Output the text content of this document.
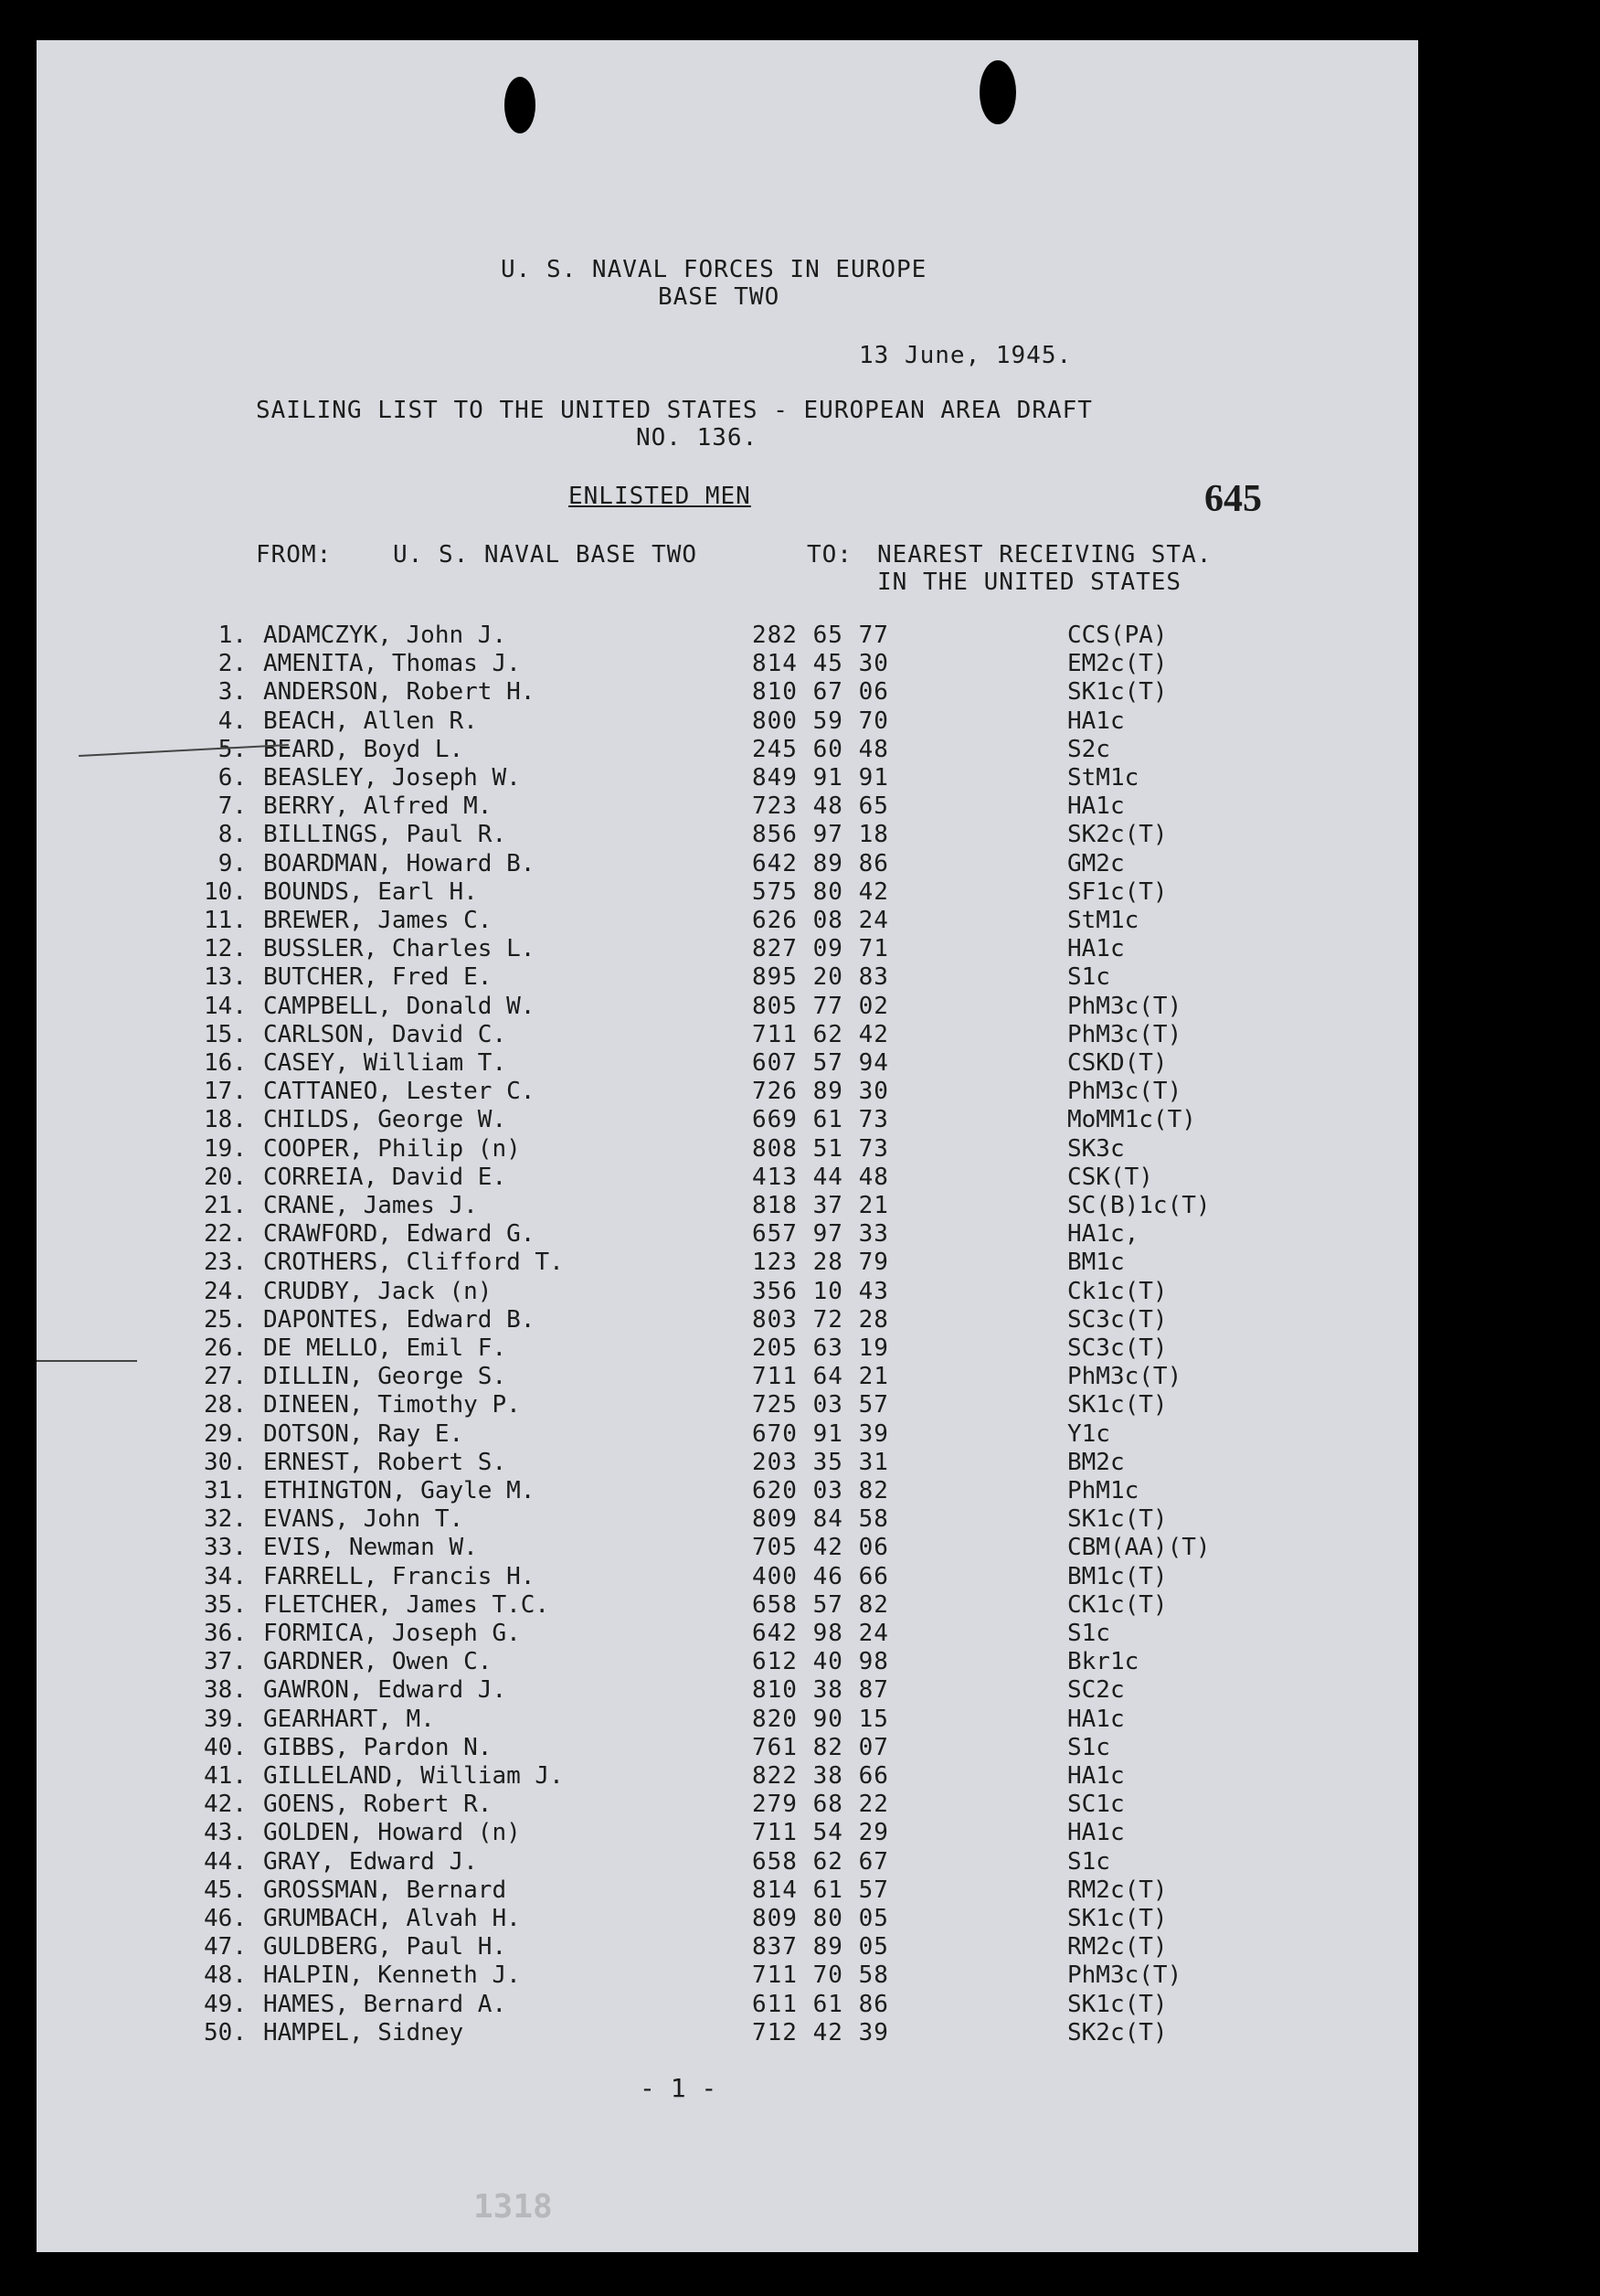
U. S. NAVAL FORCES IN EUROPE
BASE TWO
13 June, 1945.
SAILING LIST TO THE UNITED STATES - EUROPEAN AREA DRAFT
NO. 136.
ENLISTED MEN	645
FROM:	U. S. NAVAL BASE TWO	TO: NEAREST RECEIVING STA.
IN THE UNITED STATES
1. ADAMCZYK, John J.	282 65 77	CCS(PA)
2. AMENITA, Thomas J.	814 45 30	EM2c(T)
3. ANDERSON, Robert H.	810 67 06	SK1c(T)
4. BEACH, Allen R.	800 59 70	HA1c
5. BEARD, Boyd L.	245 60 48	S2c
6. BEASLEY, Joseph W.	849 91 91	StM1c
7. BERRY, Alfred M.	723 48 65	HA1c
8. BILLINGS, Paul R.	856 97 18	SK2c(T)
9. BOARDMAN, Howard B.	642 89 86	GM2c
10. BOUNDS, Earl H.	575 80 42	SF1c(T)
11. BREWER, James C.	626 08 24	StM1c
12. BUSSLER, Charles L.	827 09 71	HA1c
13. BUTCHER, Fred E.	895 20 83	S1c
14. CAMPBELL, Donald W.	805 77 02	PhM3c(T)
15. CARLSON, David C.	711 62 42	PhM3c(T)
16. CASEY, William T.	607 57 94	CSKD(T)
17. CATTANEO, Lester C.	726 89 30	PhM3c(T)
18. CHILDS, George W.	669 61 73	MoMM1c(T)
19. COOPER, Philip (n)	808 51 73	SK3c
20. CORREIA, David E.	413 44 48	CSK(T)
21. CRANE, James J.	818 37 21	SC(B)1c(T)
22. CRAWFORD, Edward G.	657 97 33	HA1c,
23. CROTHERS, Clifford T.	123 28 79	BM1c
24. CRUDBY, Jack (n)	356 10 43	Ck1c(T)
25. DAPONTES, Edward B.	803 72 28	SC3c(T)
26. DE MELLO, Emil F.	205 63 19	SC3c(T)
27. DILLIN, George S.	711 64 21	PhM3c(T)
28. DINEEN, Timothy P.	725 03 57	SK1c(T)
29. DOTSON, Ray E.	670 91 39	Y1c
30. ERNEST, Robert S.	203 35 31	BM2c
31. ETHINGTON, Gayle M.	620 03 82	PhM1c
32. EVANS, John T.	809 84 58	SK1c(T)
33. EVIS, Newman W.	705 42 06	CBM(AA)(T)
34. FARRELL, Francis H.	400 46 66	BM1c(T)
35. FLETCHER, James T.C.	658 57 82	CK1c(T)
36. FORMICA, Joseph G.	642 98 24	S1c
37. GARDNER, Owen C.	612 40 98	Bkr1c
38. GAWRON, Edward J.	810 38 87	SC2c
39. GEARHART, M.	820 90 15	HA1c
40. GIBBS, Pardon N.	761 82 07	S1c
41. GILLELAND, William J.	822 38 66	HA1c
42. GOENS, Robert R.	279 68 22	SC1c
43. GOLDEN, Howard (n)	711 54 29	HA1c
44. GRAY, Edward J.	658 62 67	S1c
45. GROSSMAN, Bernard	814 61 57	RM2c(T)
46. GRUMBACH, Alvah H.	809 80 05	SK1c(T)
47. GULDBERG, Paul H.	837 89 05	RM2c(T)
48. HALPIN, Kenneth J.	711 70 58	PhM3c(T)
49. HAMES, Bernard A.	611 61 86	SK1c(T)
50. HAMPEL, Sidney	712 42 39	SK2c(T)
- 1 -
1318
